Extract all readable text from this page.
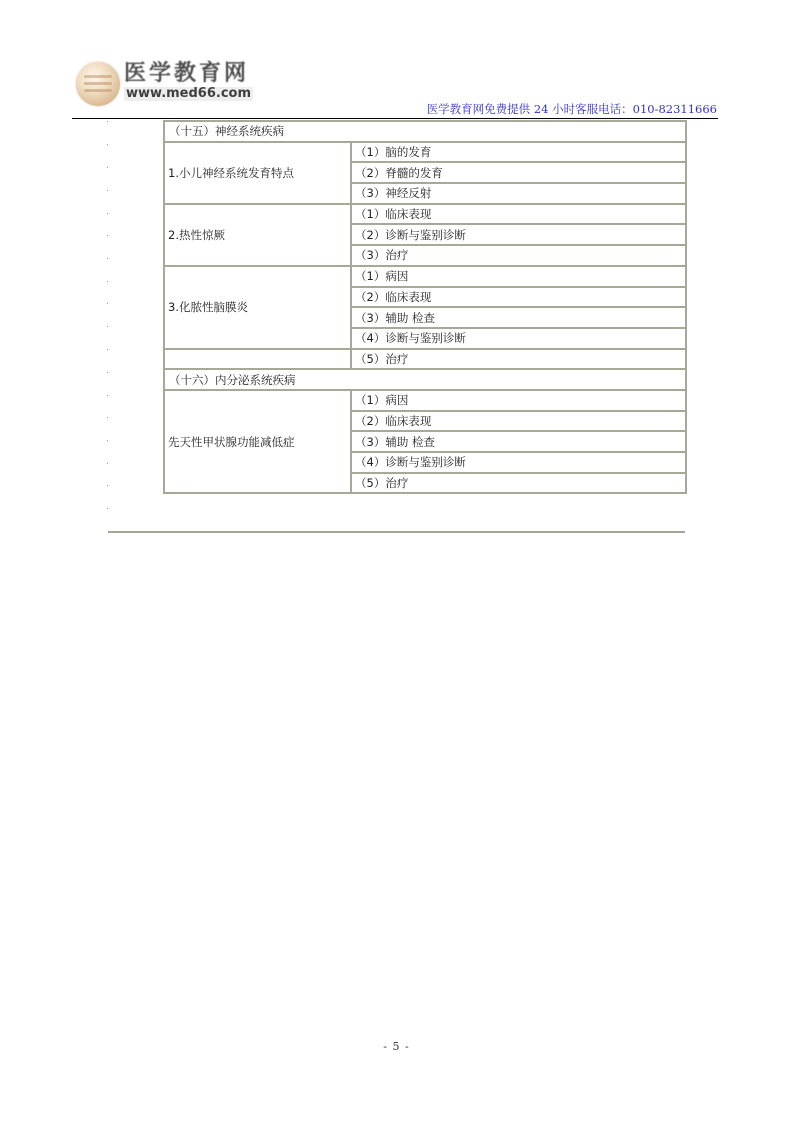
医学教育网
www.med66.com
医学教育网免费提供 24 小时客服电话：010-82311666
（十五）神经系统疾病	
1.小儿神经系统发育特点	（1）脑的发育
	（2）脊髓的发育
	（3）神经反射
2.热性惊厥	（1）临床表现
	（2）诊断与鉴别诊断
	（3）治疗
3.化脓性脑膜炎	（1）病因
	（2）临床表现
	（3）辅助 检查
	（4）诊断与鉴别诊断
	（5）治疗
（十六）内分泌系统疾病	
先天性甲状腺功能减低症	（1）病因
	（2）临床表现
	（3）辅助 检查
	（4）诊断与鉴别诊断
	（5）治疗
- 5 -
